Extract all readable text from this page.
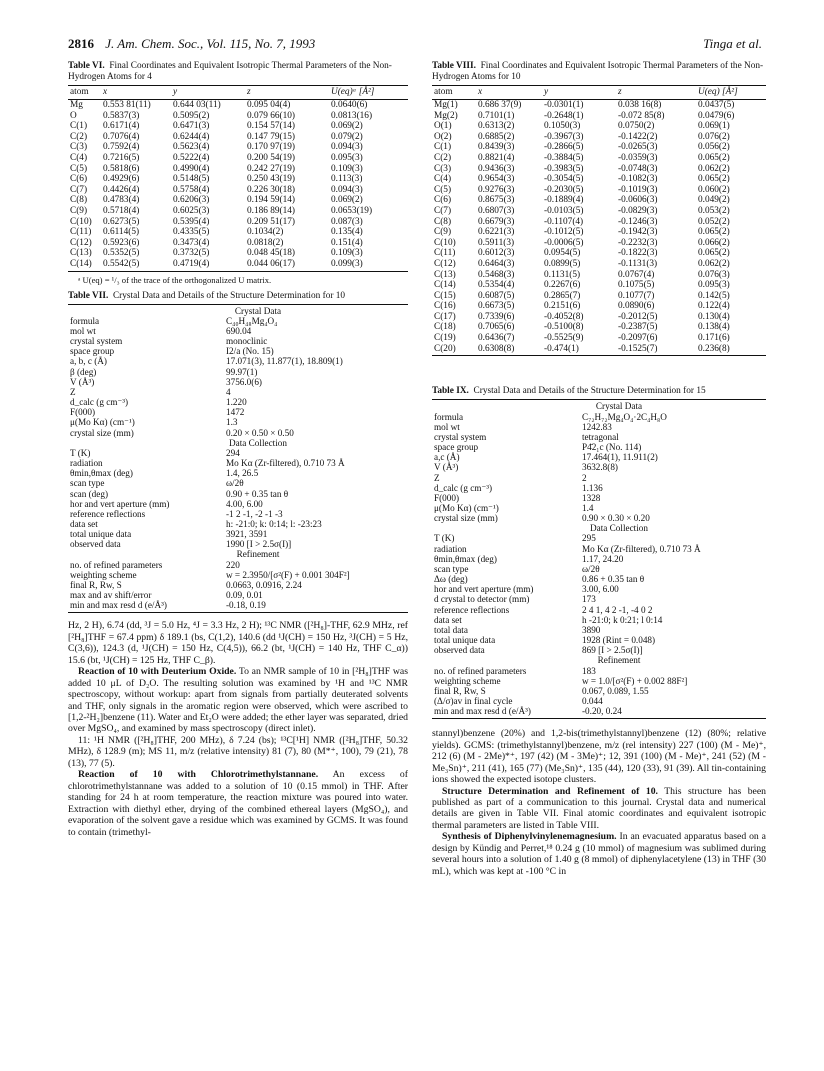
2816 J. Am. Chem. Soc., Vol. 115, No. 7, 1993	Tinga et al.
Table VI. Final Coordinates and Equivalent Isotropic Thermal Parameters of the Non-Hydrogen Atoms for 4
atom	x	y	z	U(eq)ᵃ [Å²]
Mg	0.553 81(11)	0.644 03(11)	0.095 04(4)	0.0640(6)
O	0.5837(3)	0.5095(2)	0.079 66(10)	0.0813(16)
C(1)	0.6171(4)	0.6471(3)	0.154 57(14)	0.069(2)
C(2)	0.7076(4)	0.6244(4)	0.147 79(15)	0.079(2)
C(3)	0.7592(4)	0.5623(4)	0.170 97(19)	0.094(3)
C(4)	0.7216(5)	0.5222(4)	0.200 54(19)	0.095(3)
C(5)	0.5818(6)	0.4990(4)	0.242 27(19)	0.109(3)
C(6)	0.4929(6)	0.5148(5)	0.250 43(19)	0.113(3)
C(7)	0.4426(4)	0.5758(4)	0.226 30(18)	0.094(3)
C(8)	0.4783(4)	0.6206(3)	0.194 59(14)	0.069(2)
C(9)	0.5718(4)	0.6025(3)	0.186 89(14)	0.0653(19)
C(10)	0.6273(5)	0.5395(4)	0.209 51(17)	0.087(3)
C(11)	0.6114(5)	0.4335(5)	0.1034(2)	0.135(4)
C(12)	0.5923(6)	0.3473(4)	0.0818(2)	0.151(4)
C(13)	0.5352(5)	0.3732(5)	0.048 45(18)	0.109(3)
C(14)	0.5542(5)	0.4719(4)	0.044 06(17)	0.099(3)
ᵃ U(eq) = ¹/₃ of the trace of the orthogonalized U matrix.
Table VII. Crystal Data and Details of the Structure Determination for 10
Crystal Data
formula	C₄₀H₄₈Mg₄O₄
mol wt	690.04
crystal system	monoclinic
space group	I2/a (No. 15)
a, b, c (Å)	17.071(3), 11.877(1), 18.809(1)
β (deg)	99.97(1)
V (Å³)	3756.0(6)
Z	4
d_calc (g cm⁻³)	1.220
F(000)	1472
μ(Mo Kα) (cm⁻¹)	1.3
crystal size (mm)	0.20 × 0.50 × 0.50
Data Collection
T (K)	294
radiation	Mo Kα (Zr-filtered), 0.710 73 Å
θmin,θmax (deg)	1.4, 26.5
scan type	ω/2θ
scan (deg)	0.90 + 0.35 tan θ
hor and vert aperture (mm)	4.00, 6.00
reference reflections	-1 2 -1, -2 -1 -3
data set	h: -21:0; k: 0:14; l: -23:23
total unique data	3921, 3591
observed data	1990 [I > 2.5σ(I)]
Refinement
no. of refined parameters	220
weighting scheme	w = 2.3950/[σ²(F) + 0.001 304F²]
final R, Rw, S	0.0663, 0.0916, 2.24
max and av shift/error	0.09, 0.01
min and max resd d (e/Å³)	-0.18, 0.19

Hz, 2 H), 6.74 (dd, ³J = 5.0 Hz, ⁴J = 3.3 Hz, 2 H); ¹³C NMR ([²H₈]-THF, 62.9 MHz, ref [²H₈]THF = 67.4 ppm) δ 189.1 (bs, C(1,2), 140.6 (dd ¹J(CH) = 150 Hz, ³J(CH) = 5 Hz, C(3,6)), 124.3 (d, ¹J(CH) = 150 Hz, C(4,5)), 66.2 (bt, ¹J(CH) = 140 Hz, THF C_α)) 15.6 (bt, ¹J(CH) = 125 Hz, THF C_β).

Reaction of 10 with Deuterium Oxide. To an NMR sample of 10 in [²H₈]THF was added 10 μL of D₂O. The resulting solution was examined by ¹H and ¹³C NMR spectroscopy, without workup: apart from signals from partially deuterated solvents and THF, only signals in the aromatic region were observed, which were ascribed to [1,2-²H₂]benzene (11). Water and Et₂O were added; the ether layer was separated, dried over MgSO₄, and examined by mass spectroscopy (direct inlet).

11: ¹H NMR ([²H₈]THF, 200 MHz), δ 7.24 (bs); ¹³C[¹H] NMR ([²H₈]THF, 50.32 MHz), δ 128.9 (m); MS 11, m/z (relative intensity) 81 (7), 80 (M*⁺, 100), 79 (21), 78 (13), 77 (5).

Reaction of 10 with Chlorotrimethylstannane. An excess of chlorotrimethylstannane was added to a solution of 10 (0.15 mmol) in THF. After standing for 24 h at room temperature, the reaction mixture was poured into water. Extraction with diethyl ether, drying of the combined ethereal layers (MgSO₄), and evaporation of the solvent gave a residue which was examined by GCMS. It was found to contain (trimethyl-

Table VIII. Final Coordinates and Equivalent Isotropic Thermal Parameters of the Non-Hydrogen Atoms for 10
atom	x	y	z	U(eq) [Å²]
Mg(1)	0.686 37(9)	-0.0301(1)	0.038 16(8)	0.0437(5)
Mg(2)	0.7101(1)	-0.2648(1)	-0.072 85(8)	0.0479(6)
O(1)	0.6313(2)	0.1050(3)	0.0750(2)	0.069(1)
O(2)	0.6885(2)	-0.3967(3)	-0.1422(2)	0.076(2)
C(1)	0.8439(3)	-0.2866(5)	-0.0265(3)	0.056(2)
C(2)	0.8821(4)	-0.3884(5)	-0.0359(3)	0.065(2)
C(3)	0.9436(3)	-0.3983(5)	-0.0748(3)	0.062(2)
C(4)	0.9654(3)	-0.3054(5)	-0.1082(3)	0.065(2)
C(5)	0.9276(3)	-0.2030(5)	-0.1019(3)	0.060(2)
C(6)	0.8675(3)	-0.1889(4)	-0.0606(3)	0.049(2)
C(7)	0.6807(3)	-0.0103(5)	-0.0829(3)	0.053(2)
C(8)	0.6679(3)	-0.1107(4)	-0.1246(3)	0.052(2)
C(9)	0.6221(3)	-0.1012(5)	-0.1942(3)	0.065(2)
C(10)	0.5911(3)	-0.0006(5)	-0.2232(3)	0.066(2)
C(11)	0.6012(3)	0.0954(5)	-0.1822(3)	0.065(2)
C(12)	0.6464(3)	0.0899(5)	-0.1131(3)	0.062(2)
C(13)	0.5468(3)	0.1131(5)	0.0767(4)	0.076(3)
C(14)	0.5354(4)	0.2267(6)	0.1075(5)	0.095(3)
C(15)	0.6087(5)	0.2865(7)	0.1077(7)	0.142(5)
C(16)	0.6673(5)	0.2151(6)	0.0890(6)	0.122(4)
C(17)	0.7339(6)	-0.4052(8)	-0.2012(5)	0.130(4)
C(18)	0.7065(6)	-0.5100(8)	-0.2387(5)	0.138(4)
C(19)	0.6436(7)	-0.5525(9)	-0.2097(6)	0.171(6)
C(20)	0.6308(8)	-0.474(1)	-0.1525(7)	0.236(8)
Table IX. Crystal Data and Details of the Structure Determination for 15
Crystal Data
formula	C₇₂H₇₂Mg₄O₄·2C₄H₈O
mol wt	1242.83
crystal system	tetragonal
space group	P4̄2₁c (No. 114)
a,c (Å)	17.464(1), 11.911(2)
V (Å³)	3632.8(8)
Z	2
d_calc (g cm⁻³)	1.136
F(000)	1328
μ(Mo Kα) (cm⁻¹)	1.4
crystal size (mm)	0.90 × 0.30 × 0.20
Data Collection
T (K)	295
radiation	Mo Kα (Zr-filtered), 0.710 73 Å
θmin,θmax (deg)	1.17, 24.20
scan type	ω/2θ
Δω (deg)	0.86 + 0.35 tan θ
hor and vert aperture (mm)	3.00, 6.00
d crystal to detector (mm)	173
reference reflections	2 4 1, 4 2 -1, -4 0 2
data set	h -21:0; k 0:21; l 0:14
total data	3890
total unique data	1928 (Rint = 0.048)
observed data	869 [I > 2.5σ(I)]
Refinement
no. of refined parameters	183
weighting scheme	w = 1.0/[σ²(F) + 0.002 88F²]
final R, Rw, S	0.067, 0.089, 1.55
(Δ/σ)av in final cycle	0.044
min and max resd d (e/Å³)	-0.20, 0.24

stannyl)benzene (20%) and 1,2-bis(trimethylstannyl)benzene (12) (80%; relative yields). GCMS: (trimethylstannyl)benzene, m/z (rel intensity) 227 (100) (M - Me)⁺, 212 (6) (M - 2Me)*⁺, 197 (42) (M - 3Me)⁺; 12, 391 (100) (M - Me)⁺, 241 (52) (M - Me₃Sn)⁺, 211 (41), 165 (77) (Me₃Sn)⁺, 135 (44), 120 (33), 91 (39). All tin-containing ions showed the expected isotope clusters.

Structure Determination and Refinement of 10. This structure has been published as part of a communication to this journal. Crystal data and numerical details are given in Table VII. Final atomic coordinates and equivalent isotropic thermal parameters are listed in Table VIII.

Synthesis of Diphenylvinylenemagnesium. In an evacuated apparatus based on a design by Kündig and Perret,¹⁸ 0.24 g (10 mmol) of magnesium was sublimed during several hours into a solution of 1.40 g (8 mmol) of diphenylacetylene (13) in THF (30 mL), which was kept at -100 °C in
